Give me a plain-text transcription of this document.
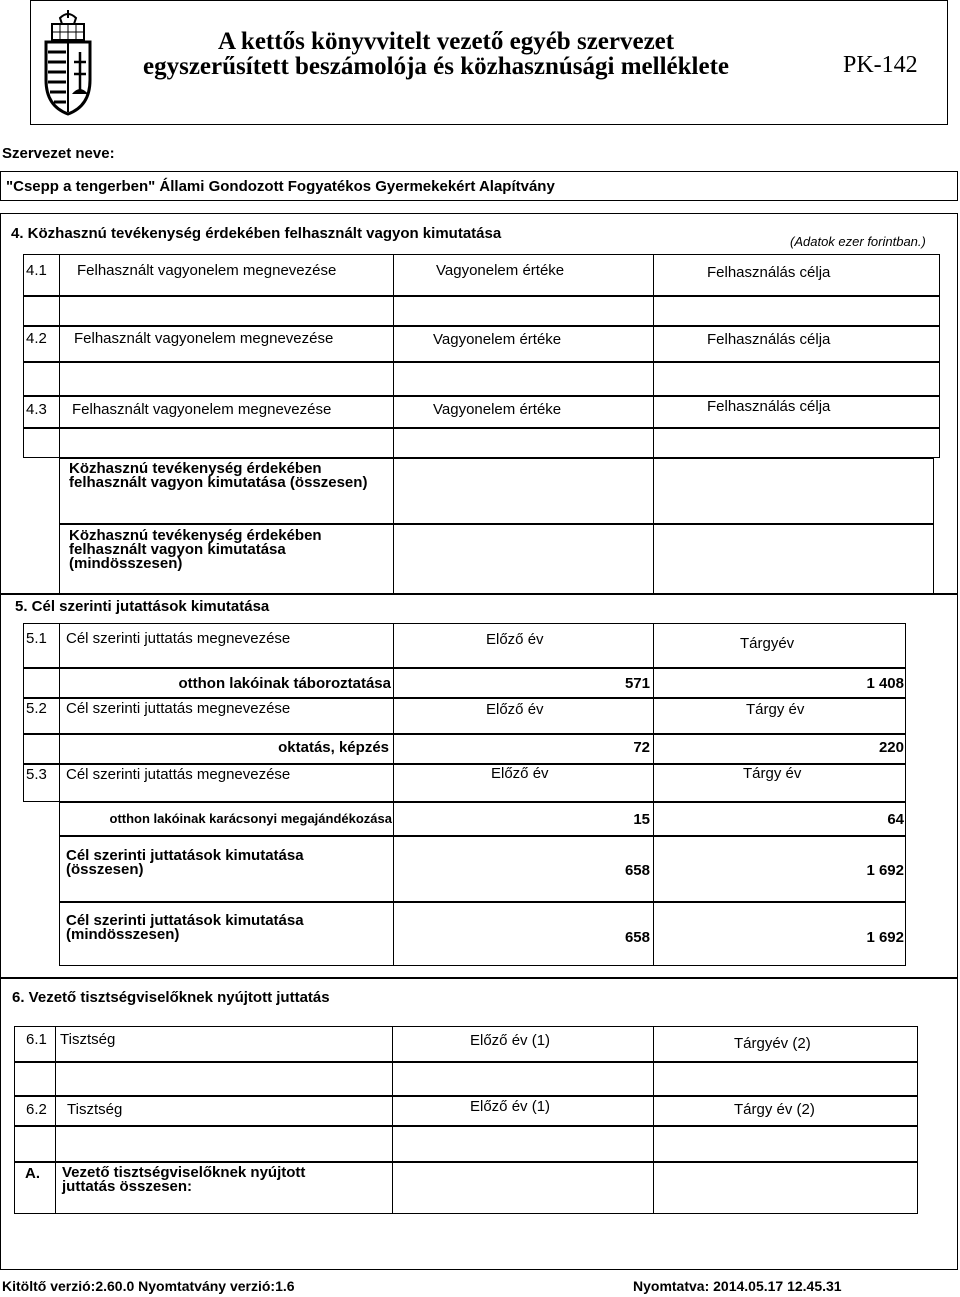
A kettős könyvvitelt vezető egyéb szervezet
egyszerűsített beszámolója és közhasznúsági melléklete	PK-142
Szervezet neve:
"Csepp a tengerben" Állami Gondozott Fogyatékos Gyermekekért Alapítvány
4. Közhasznú tevékenység érdekében felhasznált vagyon kimutatása	(Adatok ezer forintban.)
4.1 Felhasznált vagyonelem megnevezése	Vagyonelem értéke	Felhasználás célja
4.2 Felhasznált vagyonelem megnevezése	Vagyonelem értéke	Felhasználás célja
4.3 Felhasznált vagyonelem megnevezése	Vagyonelem értéke	Felhasználás célja
Közhasznú tevékenység érdekében felhasznált vagyon kimutatása (összesen)
Közhasznú tevékenység érdekében felhasznált vagyon kimutatása (mindösszesen)
5. Cél szerinti jutattások kimutatása
5.1 Cél szerinti juttatás megnevezése	Előző év	Tárgyév
otthon lakóinak táboroztatása	571	1 408
5.2 Cél szerinti juttatás megnevezése	Előző év	Tárgy év
oktatás, képzés	72	220
5.3 Cél szerinti jutattás megnevezése	Előző év	Tárgy év
otthon lakóinak karácsonyi megajándékozása	15	64
Cél szerinti juttatások kimutatása (összesen)	658	1 692
Cél szerinti juttatások kimutatása (mindösszesen)	658	1 692
6. Vezető tisztségviselőknek nyújtott juttatás
6.1 Tisztség	Előző év (1)	Tárgyév (2)
6.2 Tisztség	Előző év (1)	Tárgy év (2)
A. Vezető tisztségviselőknek nyújtott juttatás összesen:
Kitöltő verzió:2.60.0 Nyomtatvány verzió:1.6	Nyomtatva: 2014.05.17 12.45.31
